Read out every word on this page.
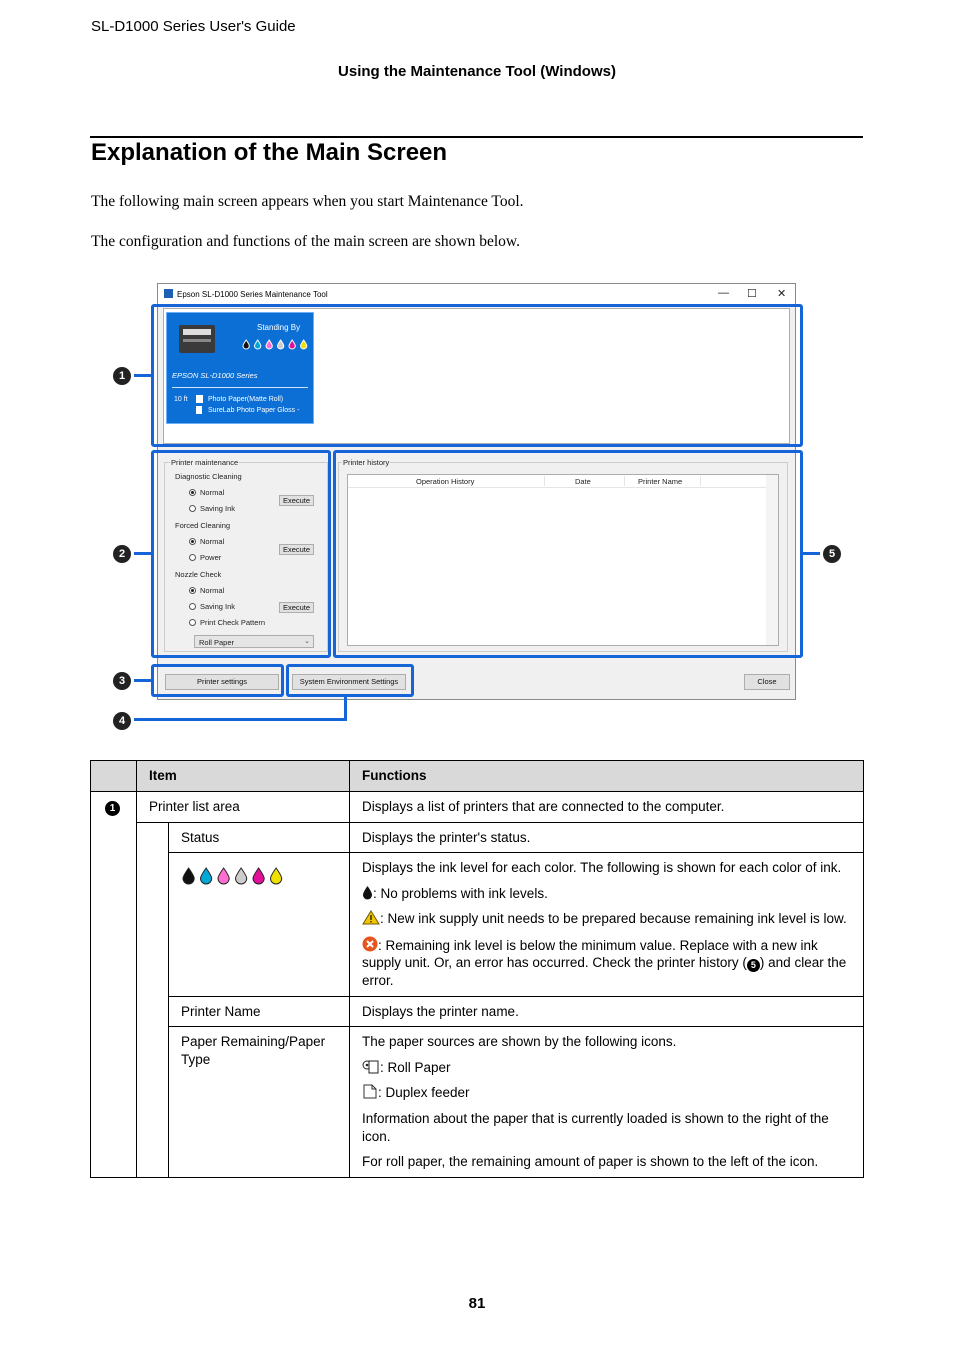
SL-D1000 Series User's Guide
Using the Maintenance Tool (Windows)
Explanation of the Main Screen
The following main screen appears when you start Maintenance Tool.
The configuration and functions of the main screen are shown below.
Epson SL-D1000 Series Maintenance Tool	— ☐ ✕
Standing By
EPSON SL-D1000 Series
10 ft	Photo Paper(Matte Roll)
SureLab Photo Paper Gloss -
Printer maintenance
Diagnostic Cleaning
Normal
Saving Ink
Execute
Forced Cleaning
Normal
Power
Execute
Nozzle Check
Normal
Saving Ink
Print Check Pattern
Execute
Roll Paper	⌄
Printer history
Operation History	Date	Printer Name
Printer settings	System Environment Settings	Close
1
2
3
4
5
	Item		Functions
1	Printer list area		Displays a list of printers that are connected to the computer.
		Status	Displays the printer's status.

Displays the ink level for each color. The following is shown for each color of ink.

: No problems with ink levels.

: New ink supply unit needs to be prepared because remaining ink level is low.

: Remaining ink level is below the minimum value. Replace with a new ink supply unit. Or, an error has occurred. Check the printer history ( 5 ) and clear the error.

		Printer Name	Displays the printer name.
		Paper Remaining/Paper Type	The paper sources are shown by the following icons.

: Roll Paper

: Duplex feeder

Information about the paper that is currently loaded is shown to the right of the icon.

For roll paper, the remaining amount of paper is shown to the left of the icon.

81
